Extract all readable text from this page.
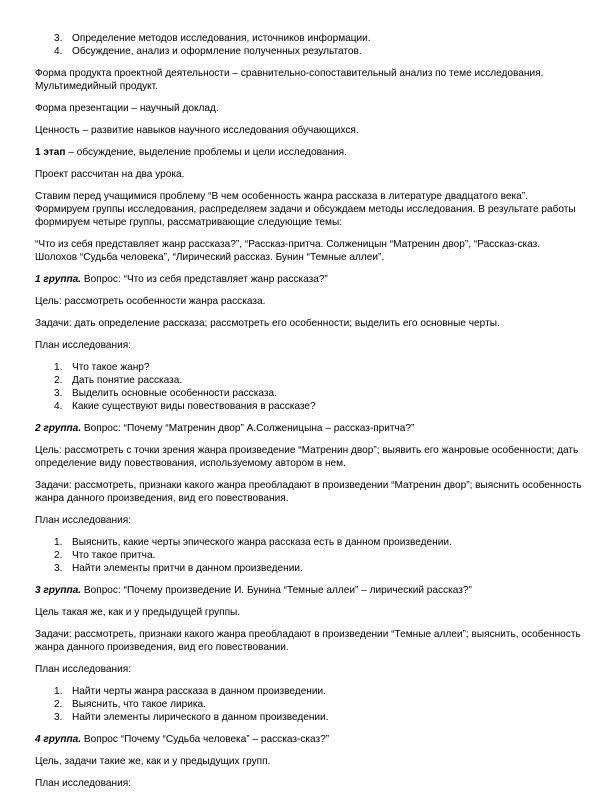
3. Определение методов исследования, источников информации.
4. Обсуждение, анализ и оформление полученных результатов.

Форма продукта проектной деятельности – сравнительно-сопоставительный анализ по теме исследования. Мультимедийный продукт.

Форма презентации – научный доклад.

Ценность – развитие навыков научного исследования обучающихся.

1 этап – обсуждение, выделение проблемы и цели исследования.

Проект рассчитан на два урока.

Ставим перед учащимися проблему “В чем особенность жанра рассказа в литературе двадцатого века”. Формируем группы исследования, распределяем задачи и обсуждаем методы исследования. В результате работы формируем четыре группы, рассматривающие следующие темы:

“Что из себя представляет жанр рассказа?”, “Рассказ-притча. Солженицын “Матренин двор”, “Рассказ-сказ. Шолохов “Судьба человека”, “Лирический рассказ. Бунин “Темные аллеи”.

1 группа. Вопрос: “Что из себя представляет жанр рассказа?”

Цель: рассмотреть особенности жанра рассказа.

Задачи: дать определение рассказа; рассмотреть его особенности; выделить его основные черты.

План исследования:

1. Что такое жанр?
2. Дать понятие рассказа.
3. Выделить основные особенности рассказа.
4. Какие существуют виды повествования в рассказе?

2 группа. Вопрос: “Почему “Матренин двор” А.Солженицына – рассказ-притча?”

Цель: рассмотреть с точки зрения жанра произведение “Матренин двор”; выявить его жанровые особенности; дать определение виду повествования, используемому автором в нем.

Задачи: рассмотреть, признаки какого жанра преобладают в произведении “Матренин двор”; выяснить особенность жанра данного произведения, вид его повествования.

План исследования:

1. Выяснить, какие черты эпического жанра рассказа есть в данном произведении.
2. Что такое притча.
3. Найти элементы притчи в данном произведении.

3 группа. Вопрос: “Почему произведение И. Бунина “Темные аллеи” – лирический рассказ?”

Цель такая же, как и у предыдущей группы.

Задачи: рассмотреть, признаки какого жанра преобладают в произведении “Темные аллеи”; выяснить, особенность жанра данного произведения, вид его повествовании.

План исследования:

1. Найти черты жанра рассказа в данном произведении.
2. Выяснить, что такое лирика.
3. Найти элементы лирического в данном произведении.

4 группа. Вопрос “Почему “Судьба человека” – рассказ-сказ?”

Цель, задачи такие же, как и у предыдущих групп.

План исследования:
